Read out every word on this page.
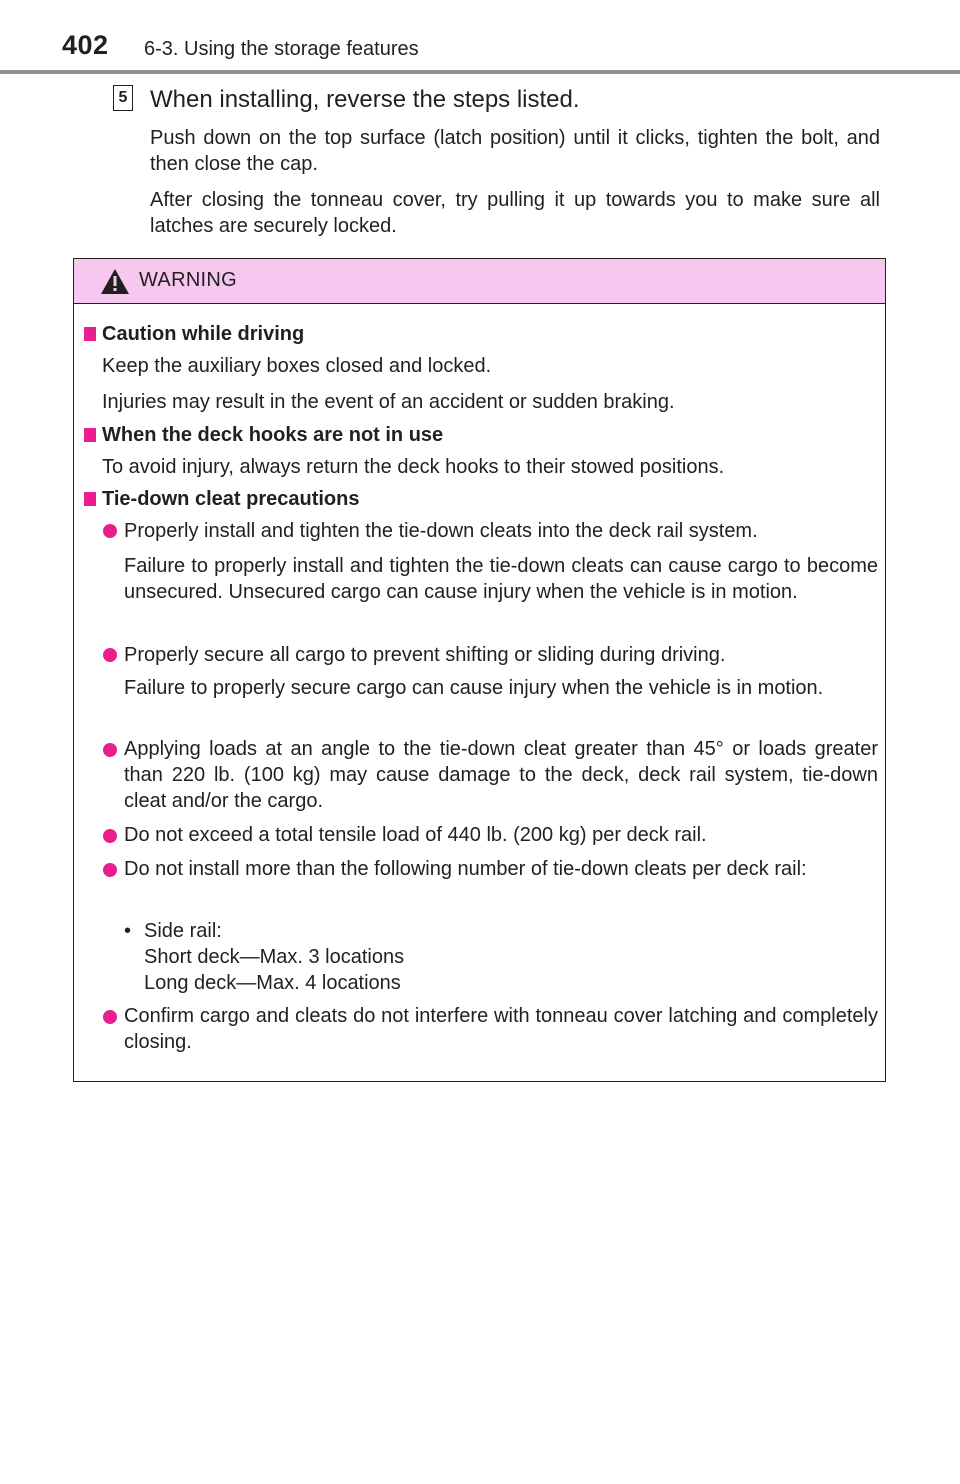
402 6-3. Using the storage features
5 When installing, reverse the steps listed.
Push down on the top surface (latch position) until it clicks, tighten the bolt, and then close the cap.
After closing the tonneau cover, try pulling it up towards you to make sure all latches are securely locked.
WARNING
Caution while driving
Keep the auxiliary boxes closed and locked.
Injuries may result in the event of an accident or sudden braking.
When the deck hooks are not in use
To avoid injury, always return the deck hooks to their stowed positions.
Tie-down cleat precautions
Properly install and tighten the tie-down cleats into the deck rail system.
Failure to properly install and tighten the tie-down cleats can cause cargo to become unsecured. Unsecured cargo can cause injury when the vehicle is in motion.
Properly secure all cargo to prevent shifting or sliding during driving.
Failure to properly secure cargo can cause injury when the vehicle is in motion.
Applying loads at an angle to the tie-down cleat greater than 45° or loads greater than 220 lb. (100 kg) may cause damage to the deck, deck rail system, tie-down cleat and/or the cargo.
Do not exceed a total tensile load of 440 lb. (200 kg) per deck rail.
Do not install more than the following number of tie-down cleats per deck rail:
• Side rail:
Short deck—Max. 3 locations
Long deck—Max. 4 locations
Confirm cargo and cleats do not interfere with tonneau cover latching and completely closing.
